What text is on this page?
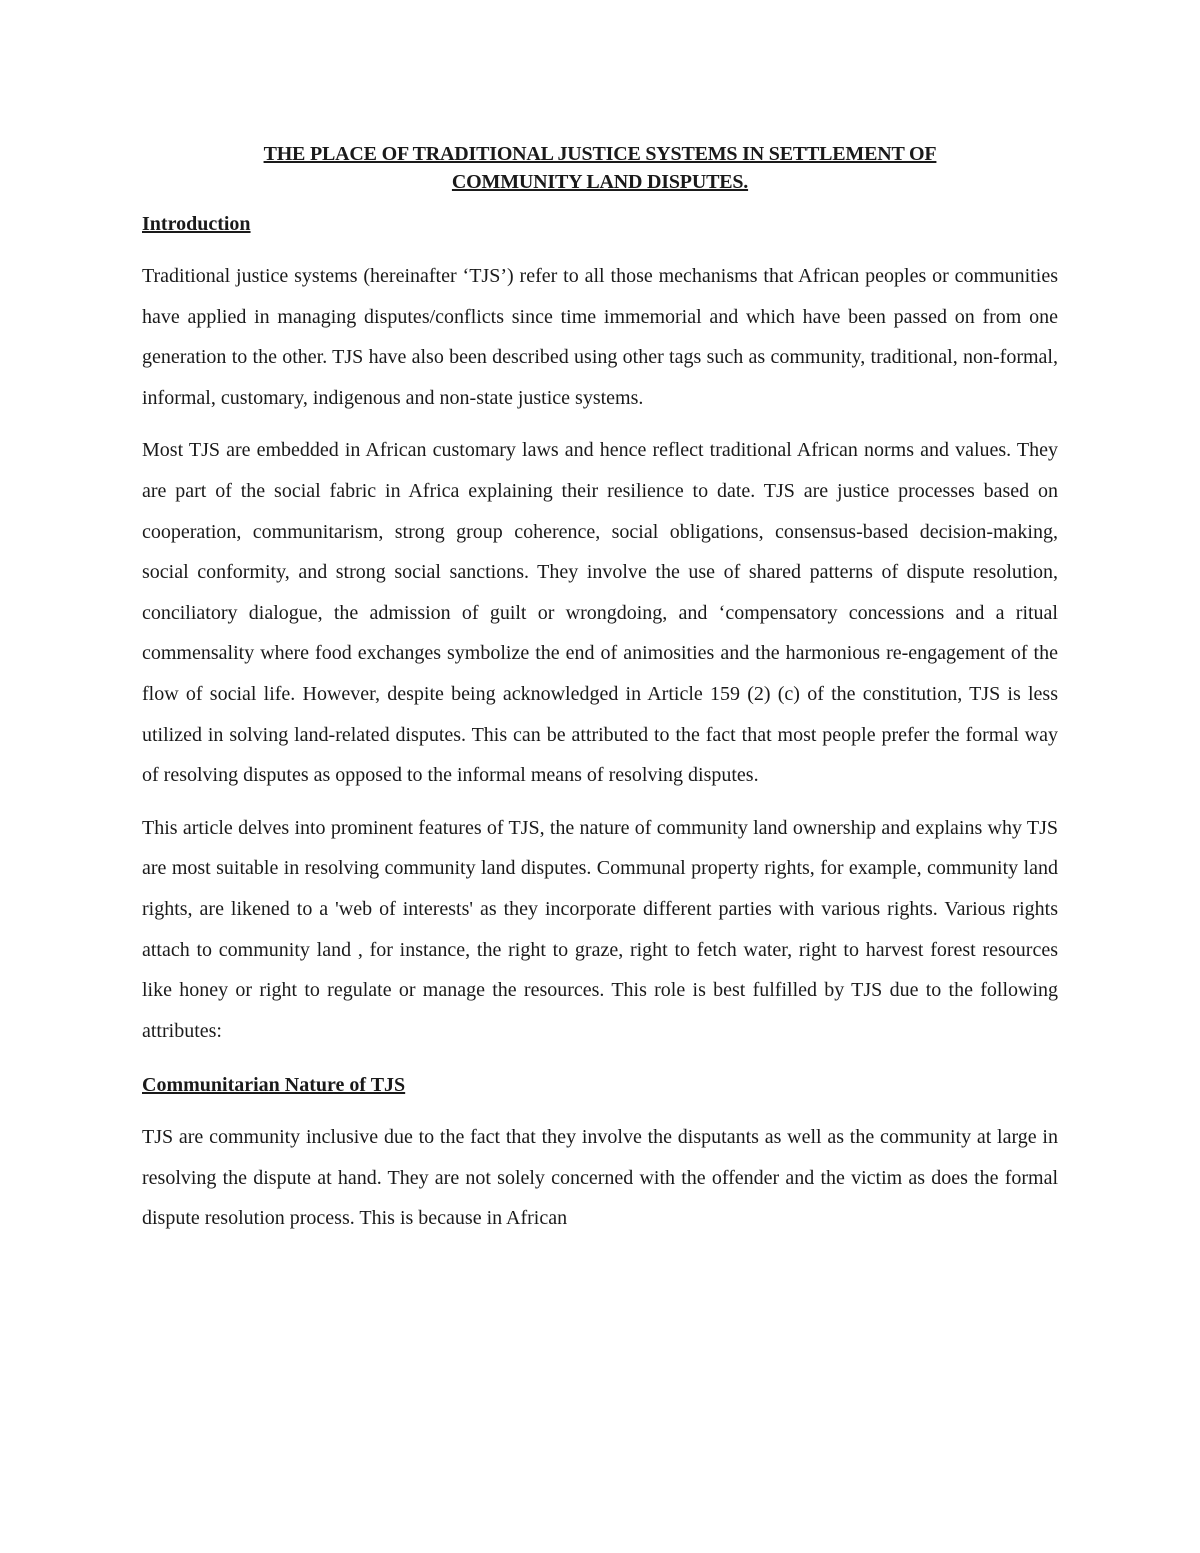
THE PLACE OF TRADITIONAL JUSTICE SYSTEMS IN SETTLEMENT OF
COMMUNITY LAND DISPUTES.
Introduction

Traditional justice systems (hereinafter ‘TJS’) refer to all those mechanisms that African peoples or communities have applied in managing disputes/conflicts since time immemorial and which have been passed on from one generation to the other. TJS have also been described using other tags such as community, traditional, non-formal, informal, customary, indigenous and non-state justice systems.

Most TJS are embedded in African customary laws and hence reflect traditional African norms and values. They are part of the social fabric in Africa explaining their resilience to date. TJS are justice processes based on cooperation, communitarism, strong group coherence, social obligations, consensus-based decision-making, social conformity, and strong social sanctions. They involve the use of shared patterns of dispute resolution, conciliatory dialogue, the admission of guilt or wrongdoing, and ‘compensatory concessions and a ritual commensality where food exchanges symbolize the end of animosities and the harmonious re-engagement of the flow of social life. However, despite being acknowledged in Article 159 (2) (c) of the constitution, TJS is less utilized in solving land-related disputes. This can be attributed to the fact that most people prefer the formal way of resolving disputes as opposed to the informal means of resolving disputes.

This article delves into prominent features of TJS, the nature of community land ownership and explains why TJS are most suitable in resolving community land disputes. Communal property rights, for example, community land rights, are likened to a 'web of interests' as they incorporate different parties with various rights. Various rights attach to community land , for instance, the right to graze, right to fetch water, right to harvest forest resources like honey or right to regulate or manage the resources. This role is best fulfilled by TJS due to the following attributes:

Communitarian Nature of TJS

TJS are community inclusive due to the fact that they involve the disputants as well as the community at large in resolving the dispute at hand. They are not solely concerned with the offender and the victim as does the formal dispute resolution process. This is because in African
